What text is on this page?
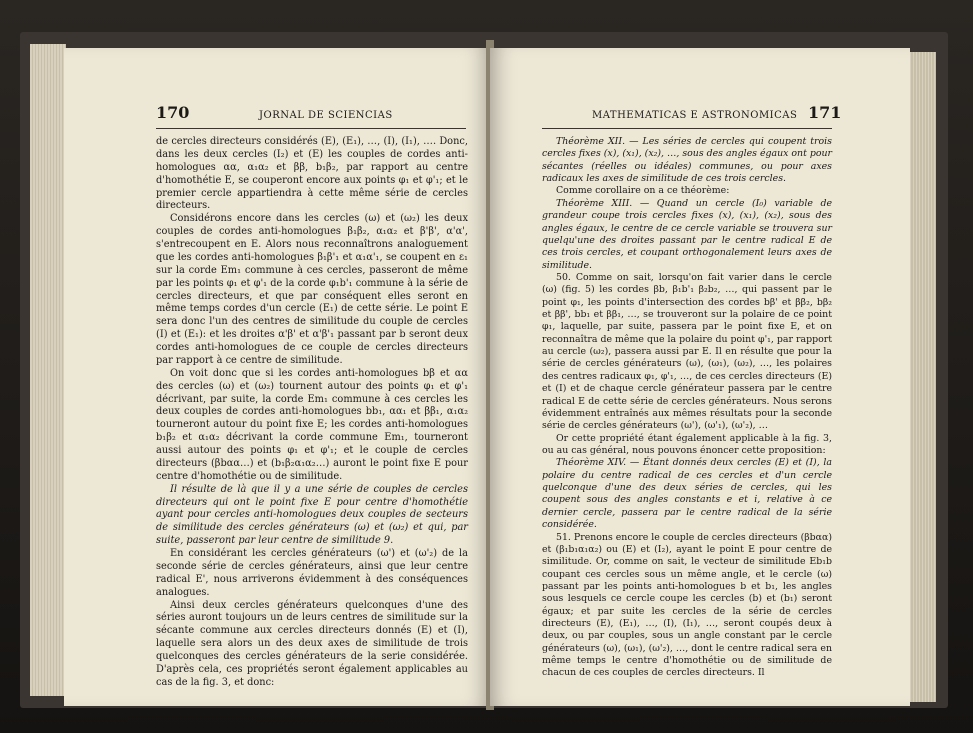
170	JORNAL DE SCIENCIAS

de cercles directeurs considérés (E), (E₁), …, (I), (I₁), …. Donc, dans les deux cercles (I₂) et (E) les couples de cordes anti-homologues αα, α₁α₂ et ββ, b₁β₂, par rapport au centre d'homothétie E, se couperont encore aux points φ₁ et φ'₁; et le premier cercle appartiendra à cette même série de cercles directeurs.

Considérons encore dans les cercles (ω) et (ω₂) les deux couples de cordes anti-homologues β₁β₂, α₁α₂ et β'β', α'α', s'entrecoupent en E. Alors nous reconnaîtrons analoguement que les cordes anti-homologues β₁β'₁ et α₁α'₁, se coupent en ε₁ sur la corde Em₁ commune à ces cercles, passeront de même par les points φ₁ et φ'₁ de la corde φ₁b'₁ commune à la série de cercles directeurs, et que par conséquent elles seront en même temps cordes d'un cercle (E₁) de cette série. Le point E sera donc l'un des centres de similitude du couple de cercles (I) et (E₁): et les droites α'β' et α'β'₁ passant par b seront deux cordes anti-homologues de ce couple de cercles directeurs par rapport à ce centre de similitude.

On voit donc que si les cordes anti-homologues bβ et αα des cercles (ω) et (ω₂) tournent autour des points φ₁ et φ'₁ décrivant, par suite, la corde Em₁ commune à ces cercles les deux couples de cordes anti-homologues bb₁, αα₁ et ββ₁, α₁α₂ tourneront autour du point fixe E; les cordes anti-homologues b₁β₂ et α₁α₂ décrivant la corde commune Em₁, tourneront aussi autour des points φ₁ et φ'₁; et le couple de cercles directeurs (βbαα…) et (b₁β₂α₁α₂…) auront le point fixe E pour centre d'homothétie ou de similitude.

Il résulte de là que il y a une série de couples de cercles directeurs qui ont le point fixe E pour centre d'homothétie ayant pour cercles anti-homologues deux couples de secteurs de similitude des cercles générateurs (ω) et (ω₂) et qui, par suite, passeront par leur centre de similitude 9.

En considérant les cercles générateurs (ω') et (ω'₂) de la seconde série de cercles générateurs, ainsi que leur centre radical E', nous arriverons évidemment à des conséquences analogues.

Ainsi deux cercles générateurs quelconques d'une des séries auront toujours un de leurs centres de similitude sur la sécante commune aux cercles directeurs donnés (E) et (I), laquelle sera alors un des deux axes de similitude de trois quelconques des cercles générateurs de la serie considérée. D'après cela, ces propriétés seront également applicables au cas de la fig. 3, et donc:

MATHEMATICAS E ASTRONOMICAS 171

Théorème XII. — Les séries de cercles qui coupent trois cercles fixes (x), (x₁), (x₂), …, sous des angles égaux ont pour sécantes (réelles ou idéales) communes, ou pour axes radicaux les axes de similitude de ces trois cercles.

Comme corollaire on a ce théorème:

Théorème XIII. — Quand un cercle (I₀) variable de grandeur coupe trois cercles fixes (x), (x₁), (x₂), sous des angles égaux, le centre de ce cercle variable se trouvera sur quelqu'une des droites passant par le centre radical E de ces trois cercles, et coupant orthogonalement leurs axes de similitude.

50. Comme on sait, lorsqu'on fait varier dans le cercle (ω) (fig. 5) les cordes βb, β₁b'₁ β₂b₂, …, qui passent par le point φ₁, les points d'intersection des cordes bβ' et ββ₂, bβ₂ et ββ', bb₁ et ββ₁, …, se trouveront sur la polaire de ce point φ₁, laquelle, par suite, passera par le point fixe E, et on reconnaîtra de même que la polaire du point φ'₁, par rapport au cercle (ω₂), passera aussi par E. Il en résulte que pour la série de cercles générateurs (ω), (ω₁), (ω₂), …, les polaires des centres radicaux φ₁, φ'₁, …, de ces cercles directeurs (E) et (I) et de chaque cercle générateur passera par le centre radical E de cette série de cercles générateurs. Nous serons évidemment entraînés aux mêmes résultats pour la seconde série de cercles générateurs (ω'), (ω'₁), (ω'₂), …

Or cette propriété étant également applicable à la fig. 3, ou au cas général, nous pouvons énoncer cette proposition:

Théorème XIV. — Étant donnés deux cercles (E) et (I), la polaire du centre radical de ces cercles et d'un cercle quelconque d'une des deux séries de cercles, qui les coupent sous des angles constants e et i, relative à ce dernier cercle, passera par le centre radical de la série considérée.

51. Prenons encore le couple de cercles directeurs (βbαα) et (β₁b₁α₁α₂) ou (E) et (I₂), ayant le point E pour centre de similitude. Or, comme on sait, le vecteur de similitude Eb₁b coupant ces cercles sous un même angle, et le cercle (ω) passant par les points anti-homologues b et b₁, les angles sous lesquels ce cercle coupe les cercles (b) et (b₁) seront égaux; et par suite les cercles de la série de cercles directeurs (E), (E₁), …, (I), (I₁), …, seront coupés deux à deux, ou par couples, sous un angle constant par le cercle générateurs (ω), (ω₁), (ω'₂), …, dont le centre radical sera en même temps le centre d'homothétie ou de similitude de chacun de ces couples de cercles directeurs. Il
